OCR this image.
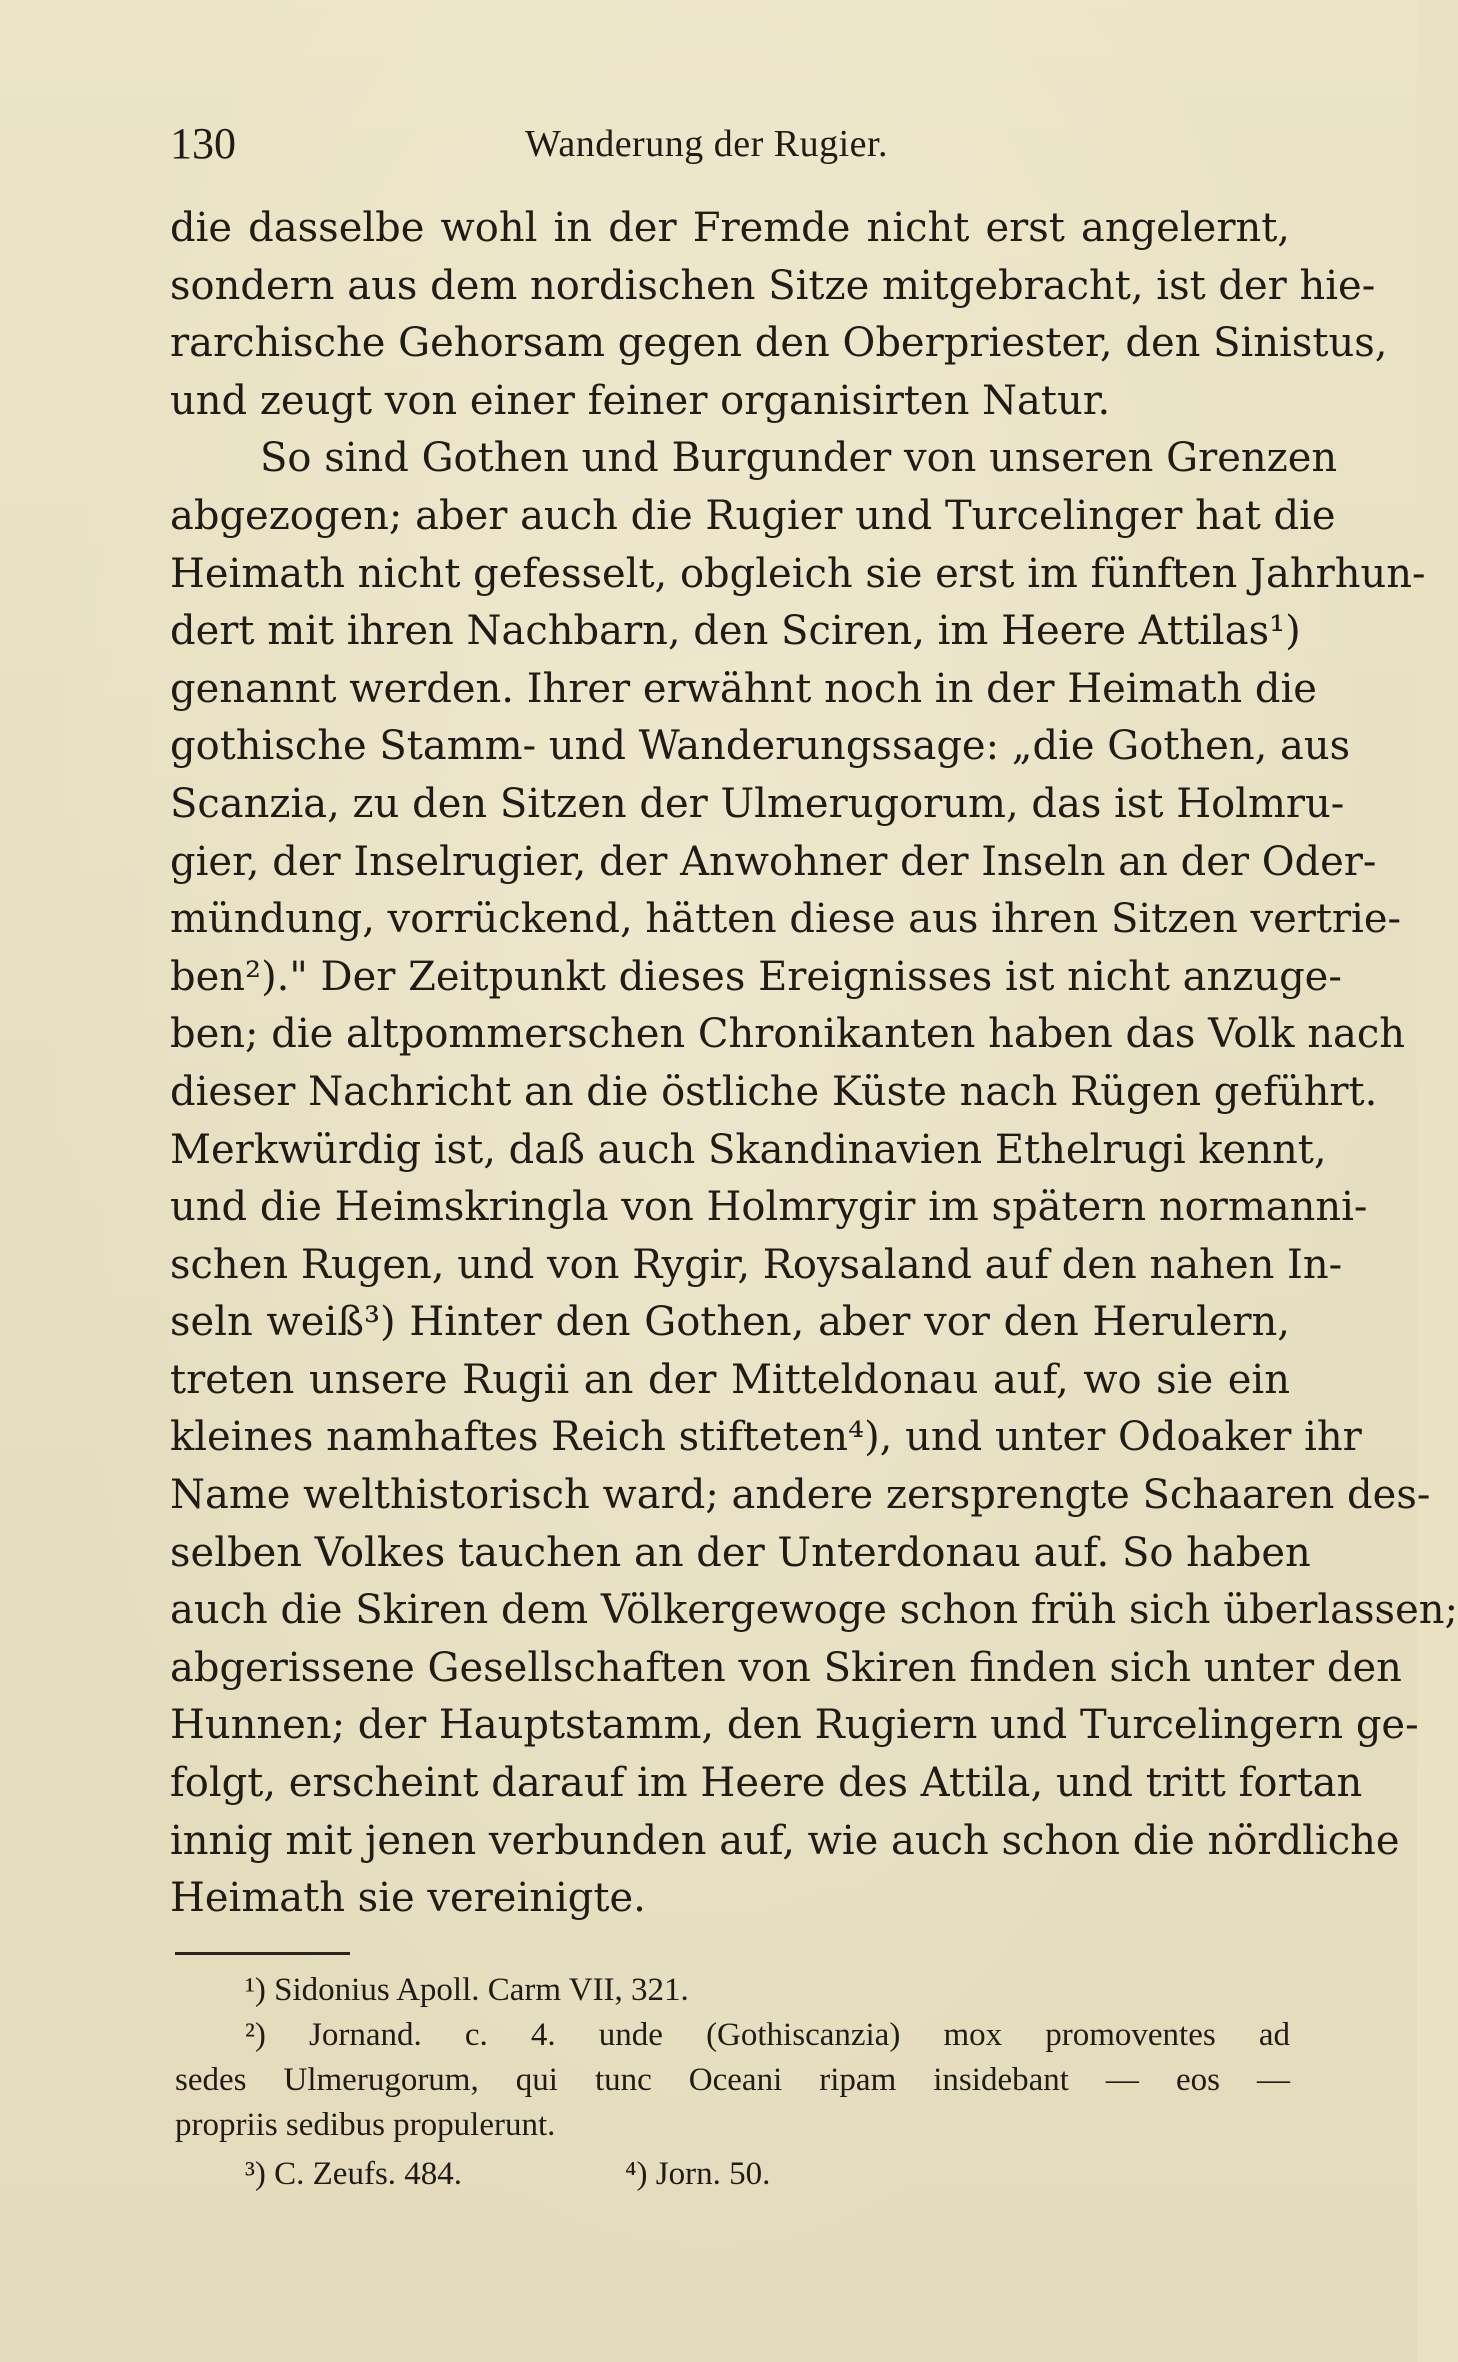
130	Wanderung der Rugier.
die dasselbe wohl in der Fremde nicht erst angelernt,
sondern aus dem nordischen Sitze mitgebracht, ist der hie-
rarchische Gehorsam gegen den Oberpriester, den Sinistus,
und zeugt von einer feiner organisirten Natur.
So sind Gothen und Burgunder von unseren Grenzen
abgezogen; aber auch die Rugier und Turcelinger hat die
Heimath nicht gefesselt, obgleich sie erst im fünften Jahrhun-
dert mit ihren Nachbarn, den Sciren, im Heere Attilas¹)
genannt werden. Ihrer erwähnt noch in der Heimath die
gothische Stamm- und Wanderungssage: „die Gothen, aus
Scanzia, zu den Sitzen der Ulmerugorum, das ist Holmru-
gier, der Inselrugier, der Anwohner der Inseln an der Oder-
mündung, vorrückend, hätten diese aus ihren Sitzen vertrie-
ben²)." Der Zeitpunkt dieses Ereignisses ist nicht anzuge-
ben; die altpommerschen Chronikanten haben das Volk nach
dieser Nachricht an die östliche Küste nach Rügen geführt.
Merkwürdig ist, daß auch Skandinavien Ethelrugi kennt,
und die Heimskringla von Holmrygir im spätern normanni-
schen Rugen, und von Rygir, Roysaland auf den nahen In-
seln weiß³) Hinter den Gothen, aber vor den Herulern,
treten unsere Rugii an der Mitteldonau auf, wo sie ein
kleines namhaftes Reich stifteten⁴), und unter Odoaker ihr
Name welthistorisch ward; andere zersprengte Schaaren des-
selben Volkes tauchen an der Unterdonau auf. So haben
auch die Skiren dem Völkergewoge schon früh sich überlassen;
abgerissene Gesellschaften von Skiren finden sich unter den
Hunnen; der Hauptstamm, den Rugiern und Turcelingern ge-
folgt, erscheint darauf im Heere des Attila, und tritt fortan
innig mit jenen verbunden auf, wie auch schon die nördliche
Heimath sie vereinigte.
¹) Sidonius Apoll. Carm VII, 321.
²) Jornand. c. 4. unde (Gothiscanzia) mox promoventes ad
sedes Ulmerugorum, qui tunc Oceani ripam insidebant — eos —
propriis sedibus propulerunt.
³) C. Zeufs. 484.	⁴) Jorn. 50.
